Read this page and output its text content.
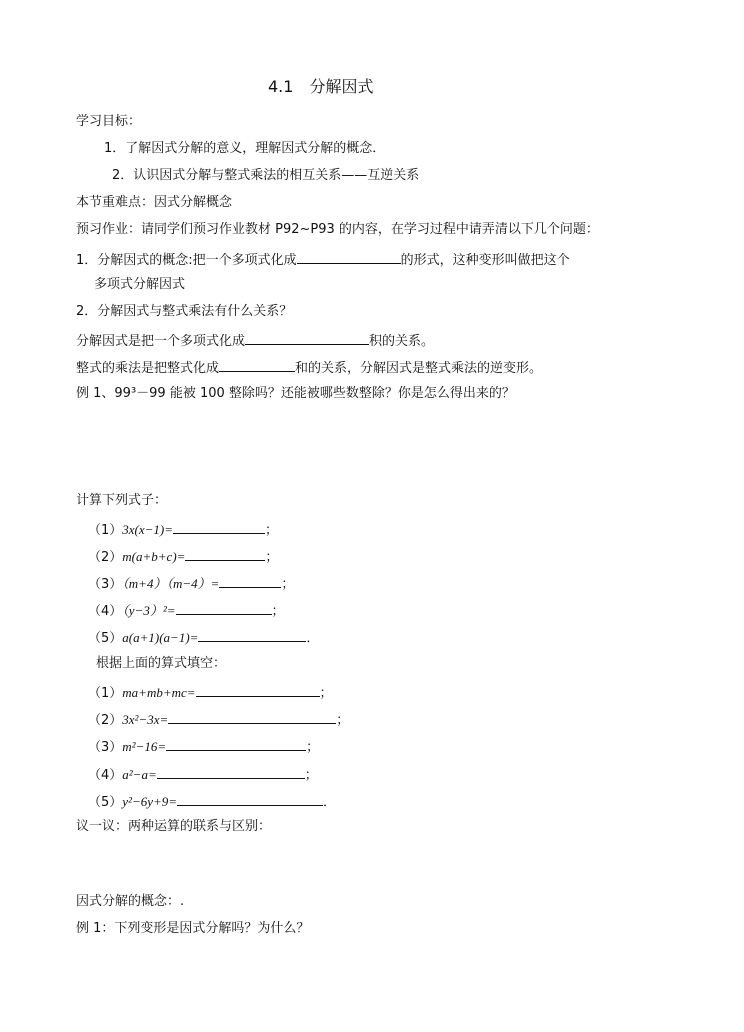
4.1　分解因式
学习目标：
1．了解因式分解的意义，理解因式分解的概念．
2．认识因式分解与整式乘法的相互关系——互逆关系
本节重难点：因式分解概念
预习作业：请同学们预习作业教材 P92~P93 的内容，在学习过程中请弄清以下几个问题：
1．分解因式的概念:把一个多项式化成	的形式，这种变形叫做把这个
多项式分解因式
2．分解因式与整式乘法有什么关系？
分解因式是把一个多项式化成	积的关系。
整式的乘法是把整式化成	和的关系，分解因式是整式乘法的逆变形。
例 1、99³－99 能被 100 整除吗？还能被哪些数整除？你是怎么得出来的？
计算下列式子：
（1）3x(x−1)=	；
（2）m(a+b+c)=	；
（3）（m+4）（m−4）=	；
（4）（y−3）²=	；
（5）a(a+1)(a−1)=	．
根据上面的算式填空：
（1）ma+mb+mc=	；
（2）3x²−3x=	；
（3）m²−16=	；
（4）a²−a=	；
（5）y²−6y+9=	．
议一议：两种运算的联系与区别：
因式分解的概念：.
例 1：下列变形是因式分解吗？为什么？
